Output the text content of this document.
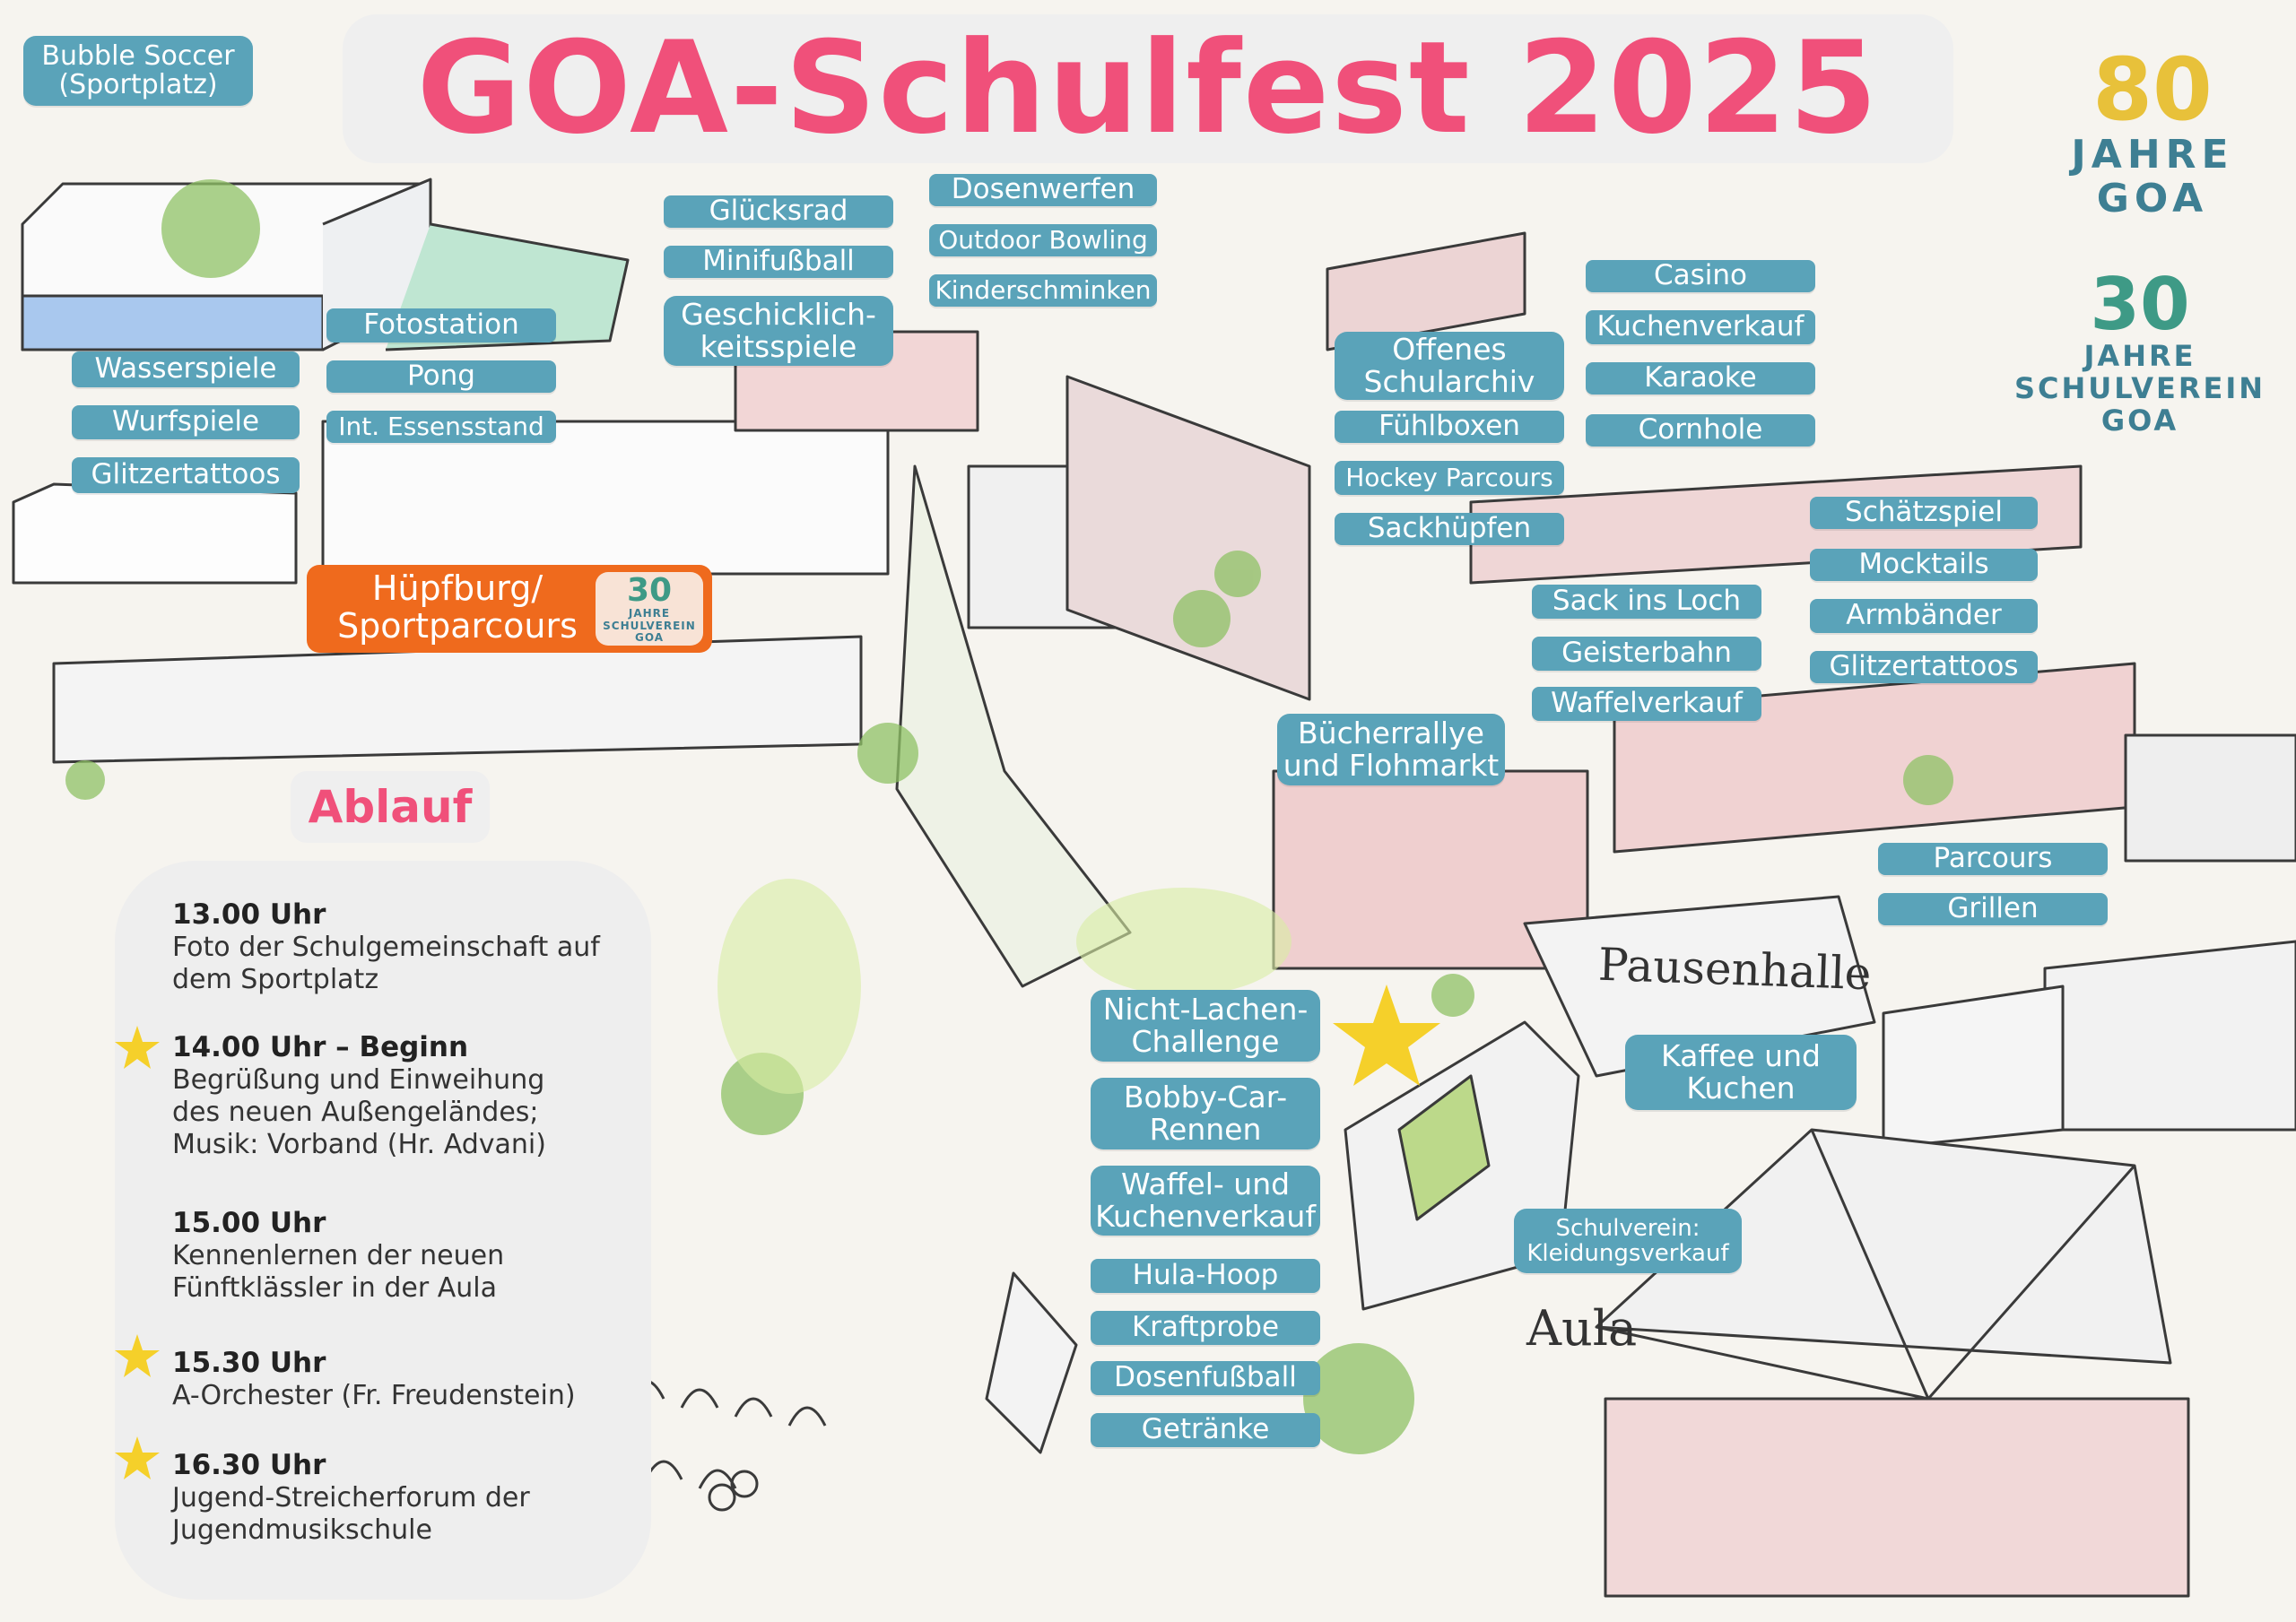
Pausenhalle
Aula
GOA-Schulfest 2025	80
JAHRE
GOA
30
JAHRE
SCHULVEREIN
GOA
Bubble Soccer
(Sportplatz)
Wasserspiele
Wurfspiele
Glitzertattoos
Fotostation
Pong
Int. Essensstand
Glücksrad
Minifußball
Geschicklich-
keitsspiele
Dosenwerfen
Outdoor Bowling
Kinderschminken
Offenes
Schularchiv
Fühlboxen
Hockey Parcours
Sackhüpfen
Casino
Kuchenverkauf
Karaoke
Cornhole
Schätzspiel
Mocktails
Armbänder
Glitzertattoos
Sack ins Loch
Geisterbahn
Waffelverkauf
Bücherrallye
und Flohmarkt
Parcours
Grillen
Nicht-Lachen-
Challenge
Bobby-Car-
Rennen
Waffel- und
Kuchenverkauf
Hula-Hoop
Kraftprobe
Dosenfußball
Getränke
Kaffee und
Kuchen
Schulverein:
Kleidungsverkauf
Hüpfburg/
Sportparcours
30
JAHRE
SCHULVEREIN
GOA
Ablauf
13.00 Uhr
Foto der Schulgemeinschaft auf
dem Sportplatz
14.00 Uhr – Beginn
Begrüßung und Einweihung
des neuen Außengeländes;
Musik: Vorband (Hr. Advani)
15.00 Uhr
Kennenlernen der neuen
Fünftklässler in der Aula
15.30 Uhr
A-Orchester (Fr. Freudenstein)
16.30 Uhr
Jugend-Streicherforum der
Jugendmusikschule
